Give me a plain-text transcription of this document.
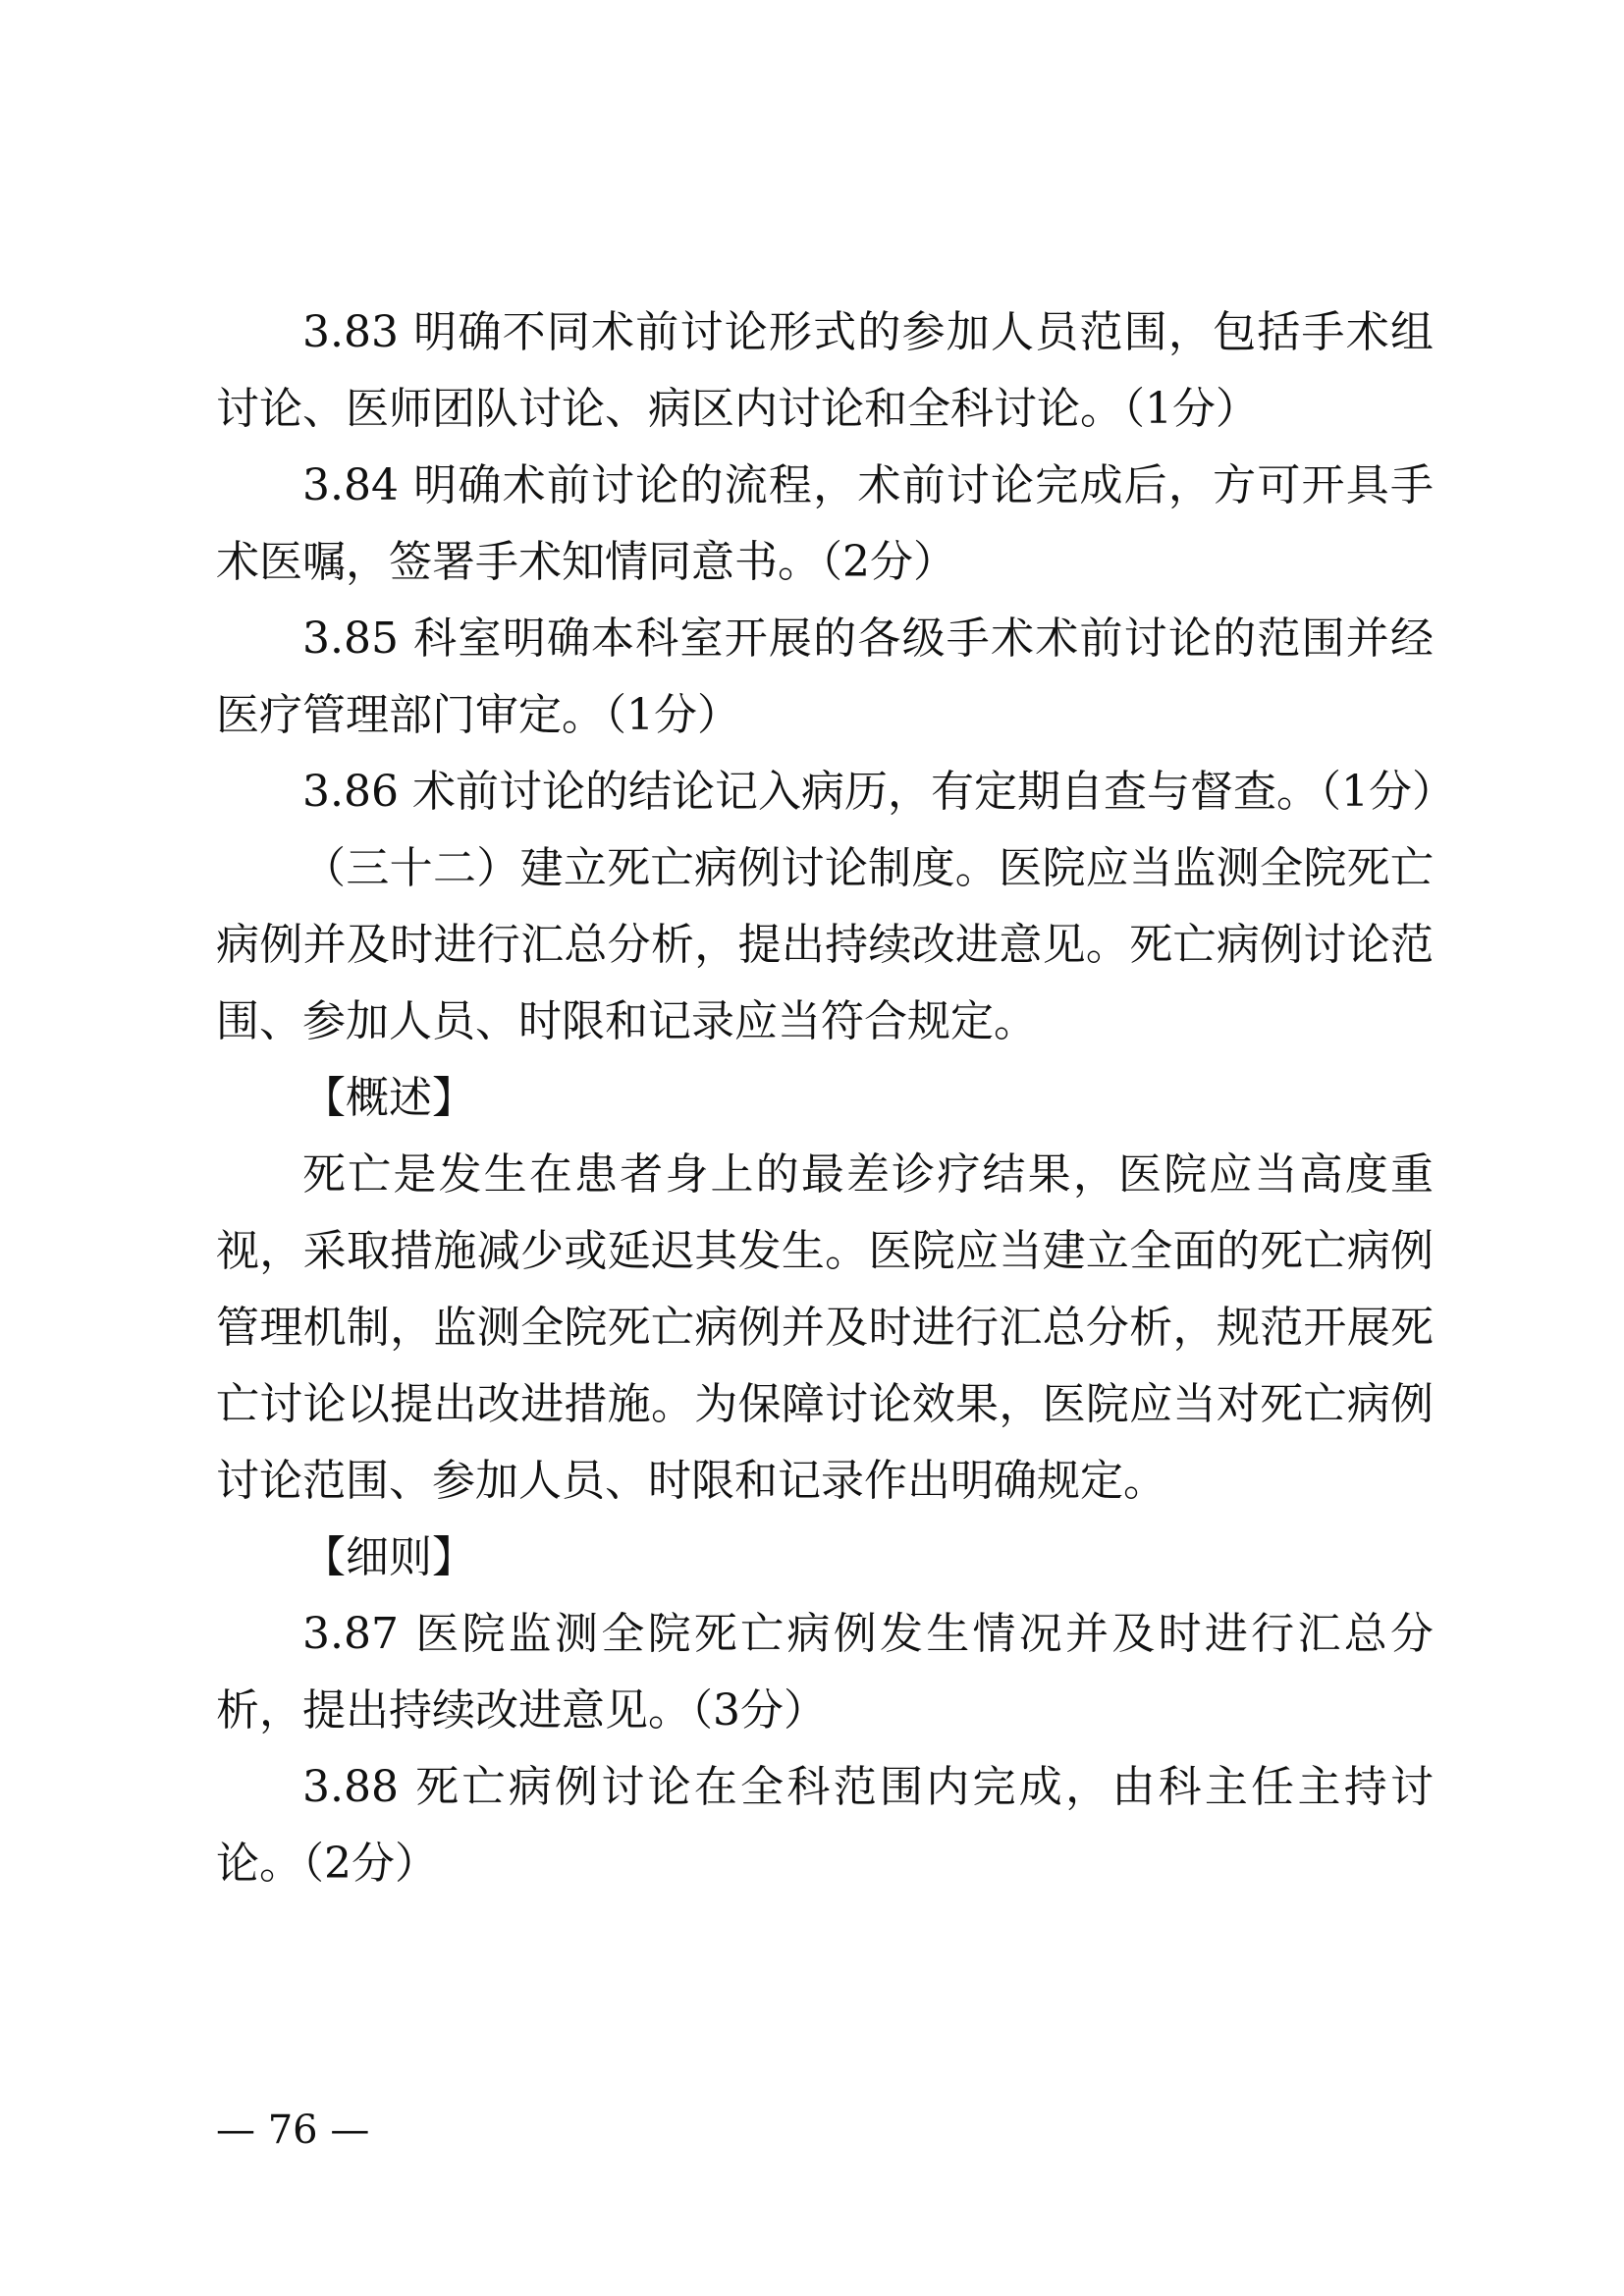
3.83 明确不同术前讨论形式的参加人员范围，包括手术组讨论、医师团队讨论、病区内讨论和全科讨论。（1分）

3.84 明确术前讨论的流程，术前讨论完成后，方可开具手术医嘱，签署手术知情同意书。（2分）

3.85 科室明确本科室开展的各级手术术前讨论的范围并经医疗管理部门审定。（1分）

3.86 术前讨论的结论记入病历，有定期自查与督查。（1分）

（三十二）建立死亡病例讨论制度。医院应当监测全院死亡病例并及时进行汇总分析，提出持续改进意见。死亡病例讨论范围、参加人员、时限和记录应当符合规定。

【概述】

死亡是发生在患者身上的最差诊疗结果，医院应当高度重视，采取措施减少或延迟其发生。医院应当建立全面的死亡病例管理机制，监测全院死亡病例并及时进行汇总分析，规范开展死亡讨论以提出改进措施。为保障讨论效果，医院应当对死亡病例讨论范围、参加人员、时限和记录作出明确规定。

【细则】

3.87 医院监测全院死亡病例发生情况并及时进行汇总分析，提出持续改进意见。（3分）

3.88 死亡病例讨论在全科范围内完成，由科主任主持讨论。（2分）

— 76 —
